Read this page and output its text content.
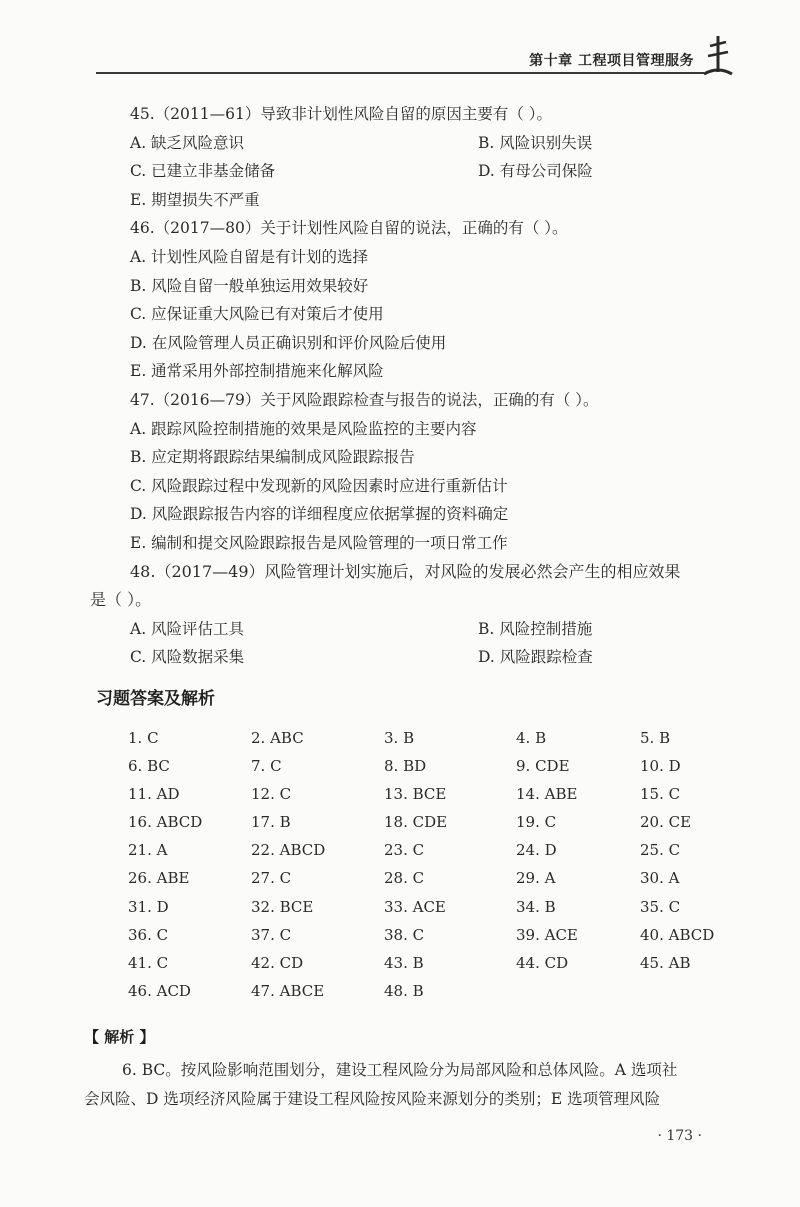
第十章 工程项目管理服务
45.（2011—61）导致非计划性风险自留的原因主要有（ ）。
A. 缺乏风险意识	B. 风险识别失误
C. 已建立非基金储备	D. 有母公司保险
E. 期望损失不严重
46.（2017—80）关于计划性风险自留的说法，正确的有（ ）。
A. 计划性风险自留是有计划的选择
B. 风险自留一般单独运用效果较好
C. 应保证重大风险已有对策后才使用
D. 在风险管理人员正确识别和评价风险后使用
E. 通常采用外部控制措施来化解风险
47.（2016—79）关于风险跟踪检查与报告的说法，正确的有（ ）。
A. 跟踪风险控制措施的效果是风险监控的主要内容
B. 应定期将跟踪结果编制成风险跟踪报告
C. 风险跟踪过程中发现新的风险因素时应进行重新估计
D. 风险跟踪报告内容的详细程度应依据掌握的资料确定
E. 编制和提交风险跟踪报告是风险管理的一项日常工作
48.（2017—49）风险管理计划实施后，对风险的发展必然会产生的相应效果
是（ ）。
A. 风险评估工具	B. 风险控制措施
C. 风险数据采集	D. 风险跟踪检查
习题答案及解析
1. C	2. ABC	3. B	4. B	5. B
6. BC	7. C	8. BD	9. CDE	10. D
11. AD	12. C	13. BCE	14. ABE	15. C
16. ABCD	17. B	18. CDE	19. C	20. CE
21. A	22. ABCD	23. C	24. D	25. C
26. ABE	27. C	28. C	29. A	30. A
31. D	32. BCE	33. ACE	34. B	35. C
36. C	37. C	38. C	39. ACE	40. ABCD
41. C	42. CD	43. B	44. CD	45. AB
46. ACD	47. ABCE	48. B
【 解析 】
6. BC。按风险影响范围划分，建设工程风险分为局部风险和总体风险。A 选项社
会风险、D 选项经济风险属于建设工程风险按风险来源划分的类别；E 选项管理风险
· 173 ·
